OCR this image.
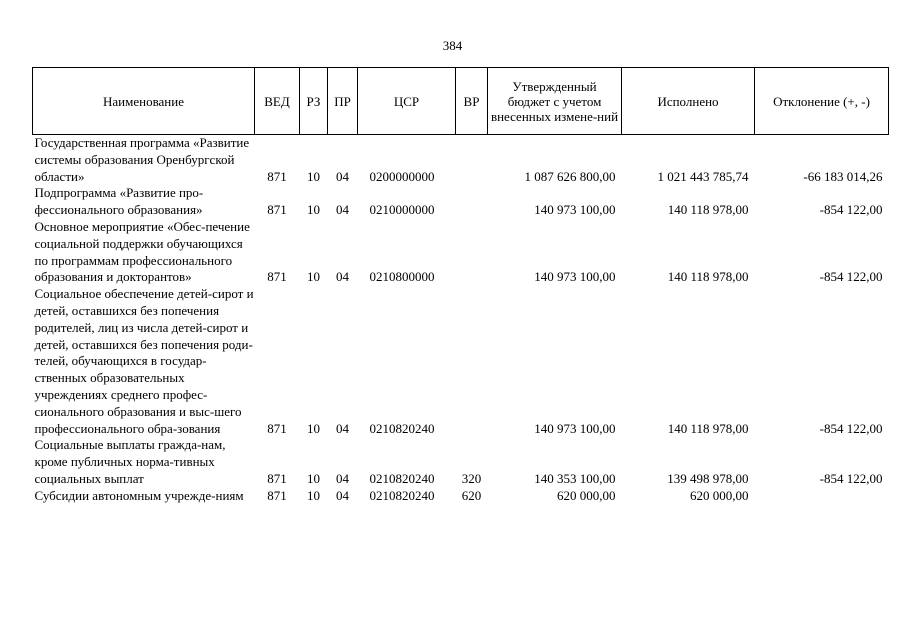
384
Наименование	ВЕД	РЗ	ПР	ЦСР	ВР	Утвержденный бюджет с учетом внесенных измене-ний	Исполнено	Отклонение (+, -)
Государственная программа «Развитие системы образования Оренбургской области»	871	10	04	0200000000		1 087 626 800,00	1 021 443 785,74	-66 183 014,26
Подпрограмма «Развитие про-фессионального образования»	871	10	04	0210000000		140 973 100,00	140 118 978,00	-854 122,00
Основное мероприятие «Обес-печение социальной поддержки обучающихся по программам профессионального образования и докторантов»	871	10	04	0210800000		140 973 100,00	140 118 978,00	-854 122,00
Социальное обеспечение детей-сирот и детей, оставшихся без попечения родителей, лиц из числа детей-сирот и детей, оставшихся без попечения роди-телей, обучающихся в государ-ственных образовательных учреждениях среднего профес-сионального образования и выс-шего профессионального обра-зования	871	10	04	0210820240		140 973 100,00	140 118 978,00	-854 122,00
Социальные выплаты гражда-нам, кроме публичных норма-тивных социальных выплат	871	10	04	0210820240	320	140 353 100,00	139 498 978,00	-854 122,00
Субсидии автономным учрежде-ниям	871	10	04	0210820240	620	620 000,00	620 000,00	
